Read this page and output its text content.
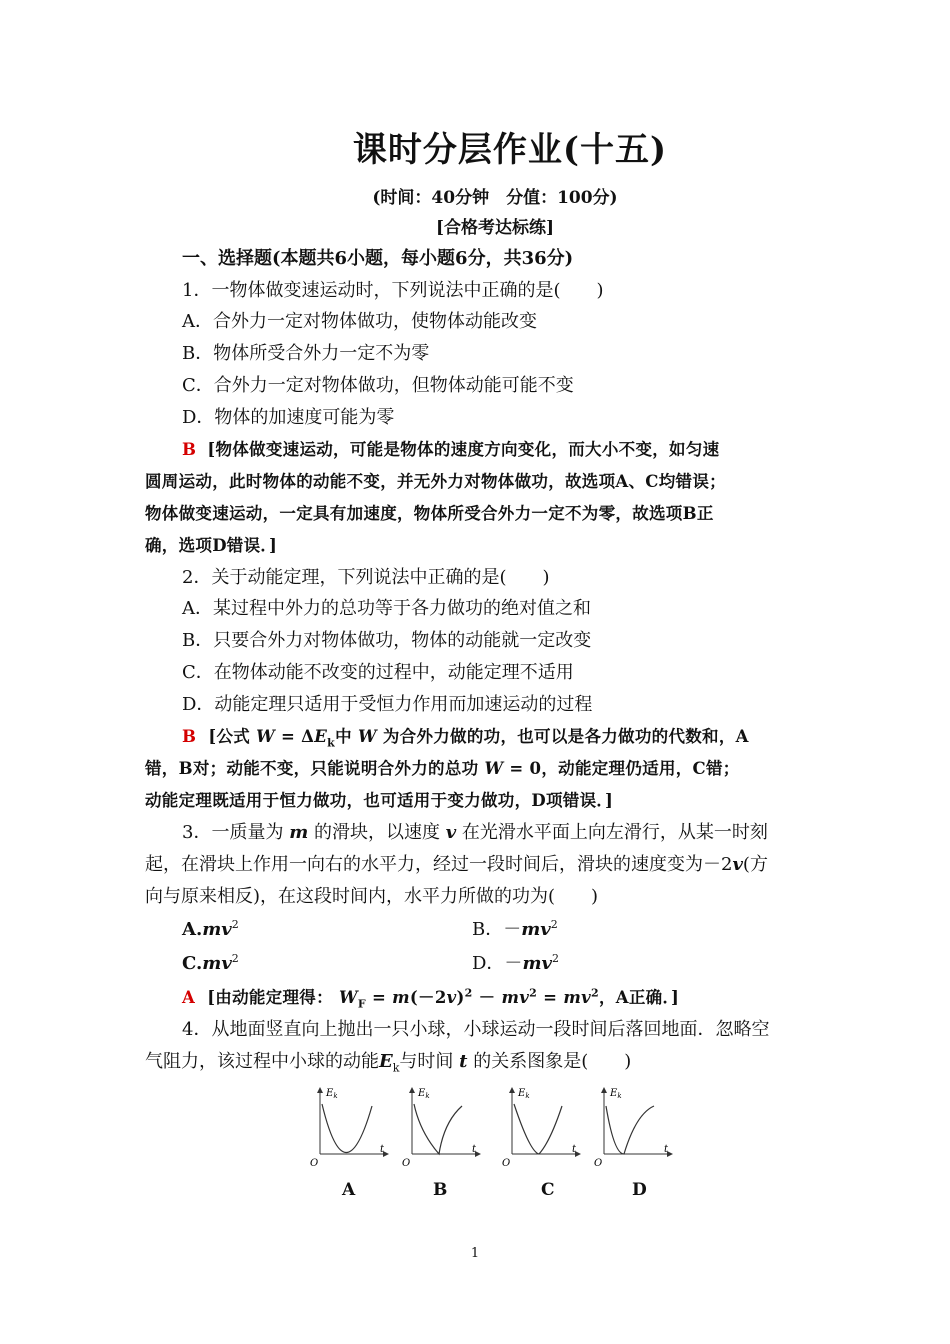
课时分层作业(十五)
(时间：40分钟　分值：100分)
[合格考达标练]
一、选择题(本题共6小题，每小题6分，共36分)
1．一物体做变速运动时，下列说法中正确的是(　　)
A．合外力一定对物体做功，使物体动能改变
B．物体所受合外力一定不为零
C．合外力一定对物体做功，但物体动能可能不变
D．物体的加速度可能为零
B [物体做变速运动，可能是物体的速度方向变化，而大小不变，如匀速
圆周运动，此时物体的动能不变，并无外力对物体做功，故选项A、C均错误；
物体做变速运动，一定具有加速度，物体所受合外力一定不为零，故选项B正
确，选项D错误．]
2．关于动能定理，下列说法中正确的是(　　)
A．某过程中外力的总功等于各力做功的绝对值之和
B．只要合外力对物体做功，物体的动能就一定改变
C．在物体动能不改变的过程中，动能定理不适用
D．动能定理只适用于受恒力作用而加速运动的过程
B [公式 $W = \Delta E_k$中 W 为合外力做的功，也可以是各力做功的代数和，A
错，B对；动能不变，只能说明合外力的总功 W = 0，动能定理仍适用，C错；
动能定理既适用于恒力做功，也可适用于变力做功，D项错误．]
3．一质量为 m 的滑块，以速度 v 在光滑水平面上向左滑行，从某一时刻
起，在滑块上作用一向右的水平力，经过一段时间后，滑块的速度变为－2v(方
向与原来相反)，在这段时间内，水平力所做的功为(　　)
$A.mv^2$	B．$-mv^2$
$C.mv^2$	D．$-mv^2$
A [由动能定理得： $W_F = m(-2v)^2 - mv^2 = mv^2$，A正确．]
4．从地面竖直向上抛出一只小球，小球运动一段时间后落回地面．忽略空
气阻力，该过程中小球的动能$E_k$与时间 t 的关系图象是(　　)
$E_k$
O
t
$E_k$
O
t
$E_k$
O
t
$E_k$
O
t
A	B	C	D
1
